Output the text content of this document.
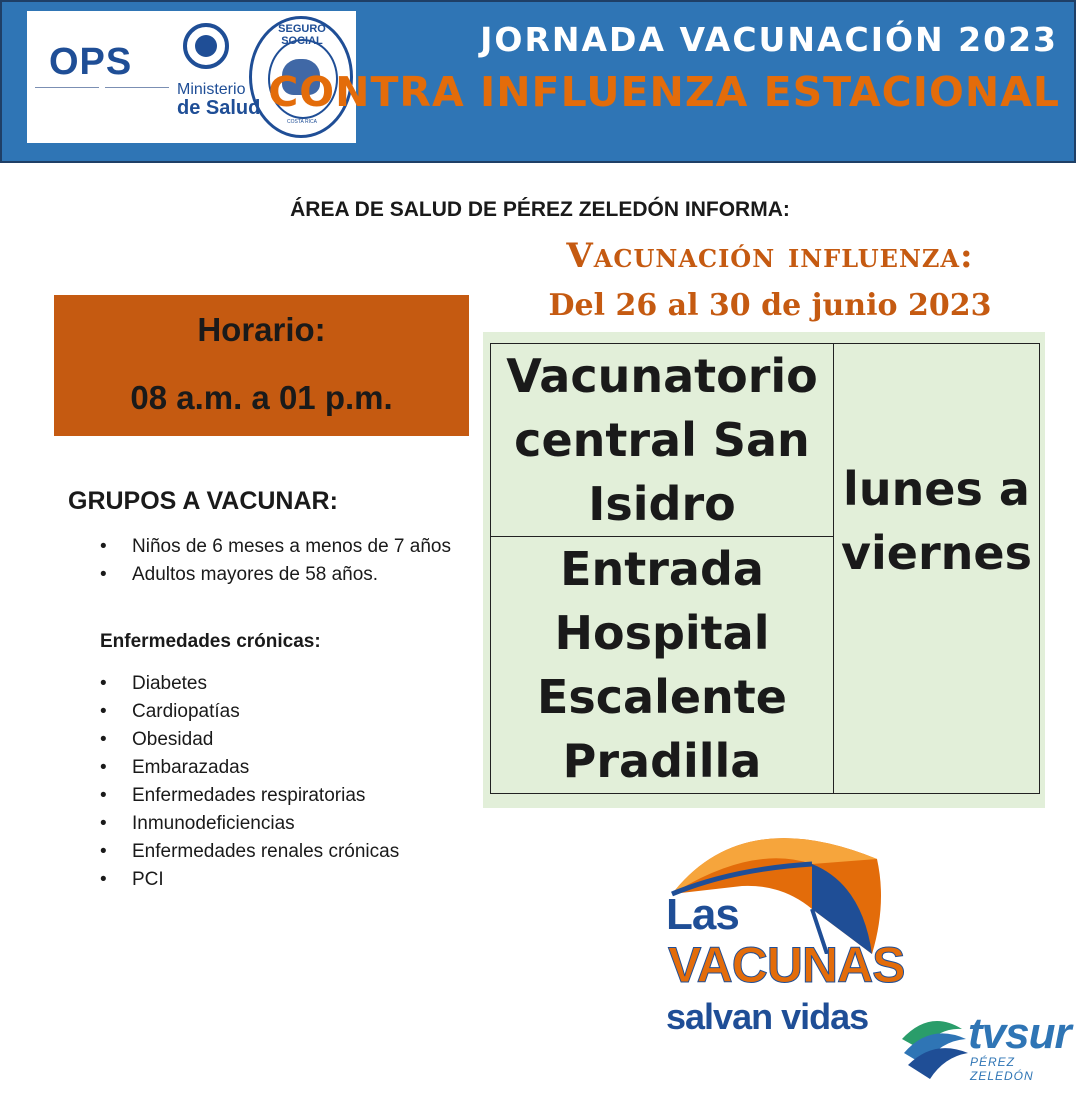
OPS
Ministerio
de Salud
SEGURO SOCIAL
COSTA RICA
JORNADA VACUNACIÓN 2023
CONTRA INFLUENZA ESTACIONAL
ÁREA DE SALUD DE PÉREZ ZELEDÓN INFORMA:
Vacunación influenza:
Del 26 al 30 de junio 2023
Horario:
08 a.m. a 01 p.m.
GRUPOS A VACUNAR:
• Niños de 6 meses a menos de 7 años
• Adultos mayores de 58 años.
Enfermedades crónicas:
• Diabetes
• Cardiopatías
• Obesidad
• Embarazadas
• Enfermedades respiratorias
• Inmunodeficiencias
• Enfermedades renales crónicas
• PCI
Vacunatorio central San Isidro	lunes a viernes
Entrada Hospital Escalente Pradilla
Las
VACUNAS
salvan vidas tvsur
PÉREZ ZELEDÓN
